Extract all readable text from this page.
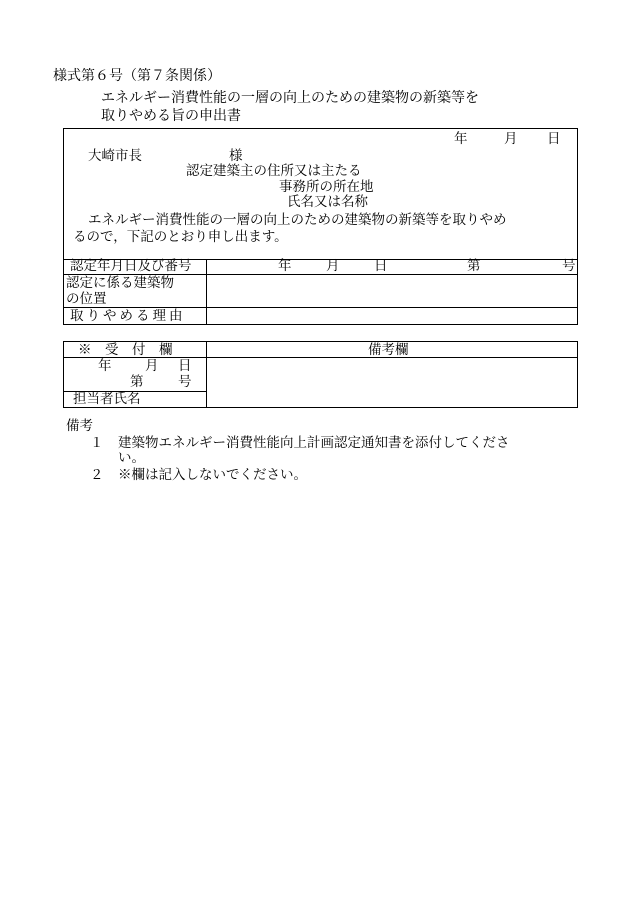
様式第６号（第７条関係）
エネルギー消費性能の一層の向上のための建築物の新築等を
取りやめる旨の申出書
年	月 日
大崎市長	様
認定建築主の住所又は主たる
事務所の所在地
氏名又は名称
エネルギー消費性能の一層の向上のための建築物の新築等を取りやめ
るので，下記のとおり申し出ます。
認定年月日及び番号	年	月	日	第	号
認定に係る建築物
の位置
取りやめる理由
※　受　付　欄	備考欄
年 月 日
第	号
担当者氏名
備考
１ 建築物エネルギー消費性能向上計画認定通知書を添付してくださ
い。
２ ※欄は記入しないでください。
